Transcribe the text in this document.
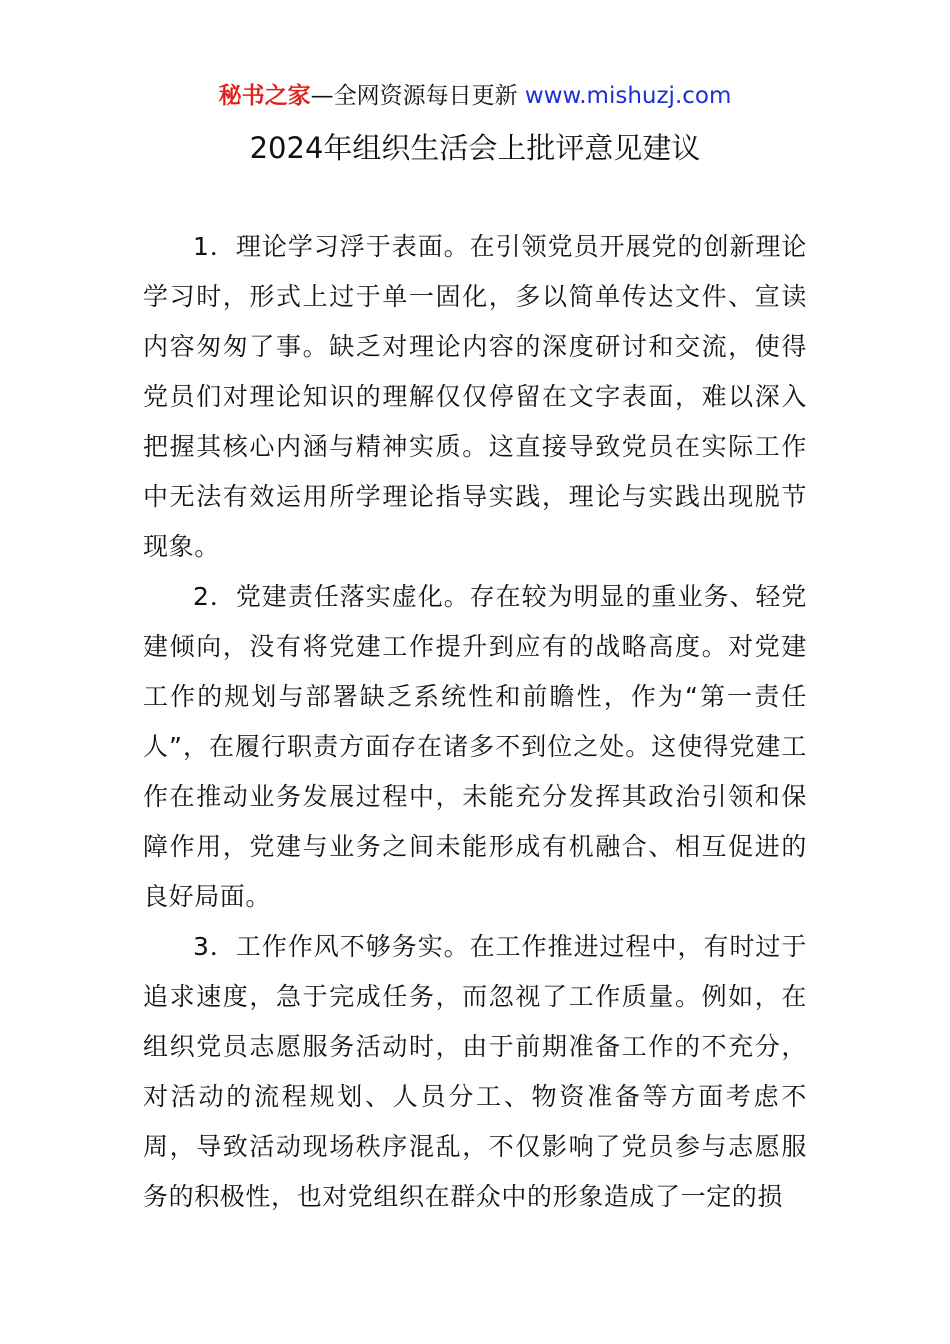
秘书之家—全网资源每日更新 www.mishuzj.com
2024年组织生活会上批评意见建议

1．理论学习浮于表面。在引领党员开展党的创新理论学习时，形式上过于单一固化，多以简单传达文件、宣读内容匆匆了事。缺乏对理论内容的深度研讨和交流，使得党员们对理论知识的理解仅仅停留在文字表面，难以深入把握其核心内涵与精神实质。这直接导致党员在实际工作中无法有效运用所学理论指导实践，理论与实践出现脱节现象。

2．党建责任落实虚化。存在较为明显的重业务、轻党建倾向，没有将党建工作提升到应有的战略高度。对党建工作的规划与部署缺乏系统性和前瞻性，作为“第一责任人”，在履行职责方面存在诸多不到位之处。这使得党建工作在推动业务发展过程中，未能充分发挥其政治引领和保障作用，党建与业务之间未能形成有机融合、相互促进的良好局面。

3．工作作风不够务实。在工作推进过程中，有时过于追求速度，急于完成任务，而忽视了工作质量。例如，在组织党员志愿服务活动时，由于前期准备工作的不充分，对活动的流程规划、人员分工、物资准备等方面考虑不周，导致活动现场秩序混乱，不仅影响了党员参与志愿服务的积极性，也对党组织在群众中的形象造成了一定的损
